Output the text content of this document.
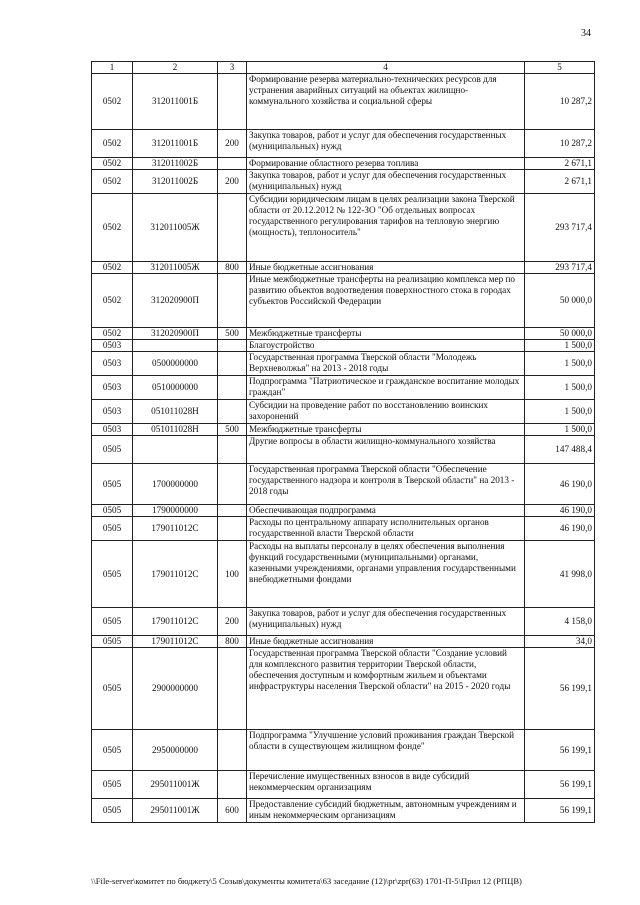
34
1	2	3	4	5
0502	312011001Б		Формирование резерва материально-технических ресурсов для устранения аварийных ситуаций на объектах жилищно-коммунального хозяйства и социальной сферы	10 287,2
0502	312011001Б	200	Закупка товаров, работ и услуг для обеспечения государственных (муниципальных) нужд	10 287,2
0502	312011002Б		Формирование областного резерва топлива	2 671,1
0502	312011002Б	200	Закупка товаров, работ и услуг для обеспечения государственных (муниципальных) нужд	2 671,1
0502	312011005Ж		Субсидии юридическим лицам в целях реализации закона Тверской области от 20.12.2012 № 122-ЗО "Об отдельных вопросах государственного регулирования тарифов на тепловую энергию (мощность), теплоноситель"	293 717,4
0502	312011005Ж	800	Иные бюджетные ассигнования	293 717,4
0502	312020900П		Иные межбюджетные трансферты на реализацию комплекса мер по развитию объектов водоотведения поверхностного стока в городах субъектов Российской Федерации	50 000,0
0502	312020900П	500	Межбюджетные трансферты	50 000,0
0503			Благоустройство	1 500,0
0503	0500000000		Государственная программа Тверской области "Молодежь Верхневолжья" на 2013 - 2018 годы	1 500,0
0503	0510000000		Подпрограмма "Патриотическое и гражданское воспитание молодых граждан"	1 500,0
0503	051011028Н		Субсидии на проведение работ по восстановлению воинских захоронений	1 500,0
0503	051011028Н	500	Межбюджетные трансферты	1 500,0
0505			Другие вопросы в области жилищно-коммунального хозяйства	147 488,4
0505	1700000000		Государственная программа Тверской области "Обеспечение государственного надзора и контроля в Тверской области" на 2013 - 2018 годы	46 190,0
0505	1790000000		Обеспечивающая подпрограмма	46 190,0
0505	179011012С		Расходы по центральному аппарату исполнительных органов государственной власти Тверской области	46 190,0
0505	179011012С	100	Расходы на выплаты персоналу в целях обеспечения выполнения функций государственными (муниципальными) органами, казенными учреждениями, органами управления государственными внебюджетными фондами	41 998,0
0505	179011012С	200	Закупка товаров, работ и услуг для обеспечения государственных (муниципальных) нужд	4 158,0
0505	179011012С	800	Иные бюджетные ассигнования	34,0
0505	2900000000		Государственная программа Тверской области "Создание условий для комплексного развития территории Тверской области, обеспечения доступным и комфортным жильем и объектами инфраструктуры населения Тверской области" на 2015 - 2020 годы	56 199,1
0505	2950000000		Подпрограмма "Улучшение условий проживания граждан Тверской области в существующем жилищном фонде"	56 199,1
0505	295011001Ж		Перечисление имущественных взносов в виде субсидий некоммерческим организациям	56 199,1
0505	295011001Ж	600	Предоставление субсидий бюджетным, автономным учреждениям и иным некоммерческим организациям	56 199,1
\\File-server\комитет по бюджету\5 Созыв\документы комитета\63 заседание (12)\pr\zpr(63) 1701-П-5\Прил 12 (РПЦВ)
